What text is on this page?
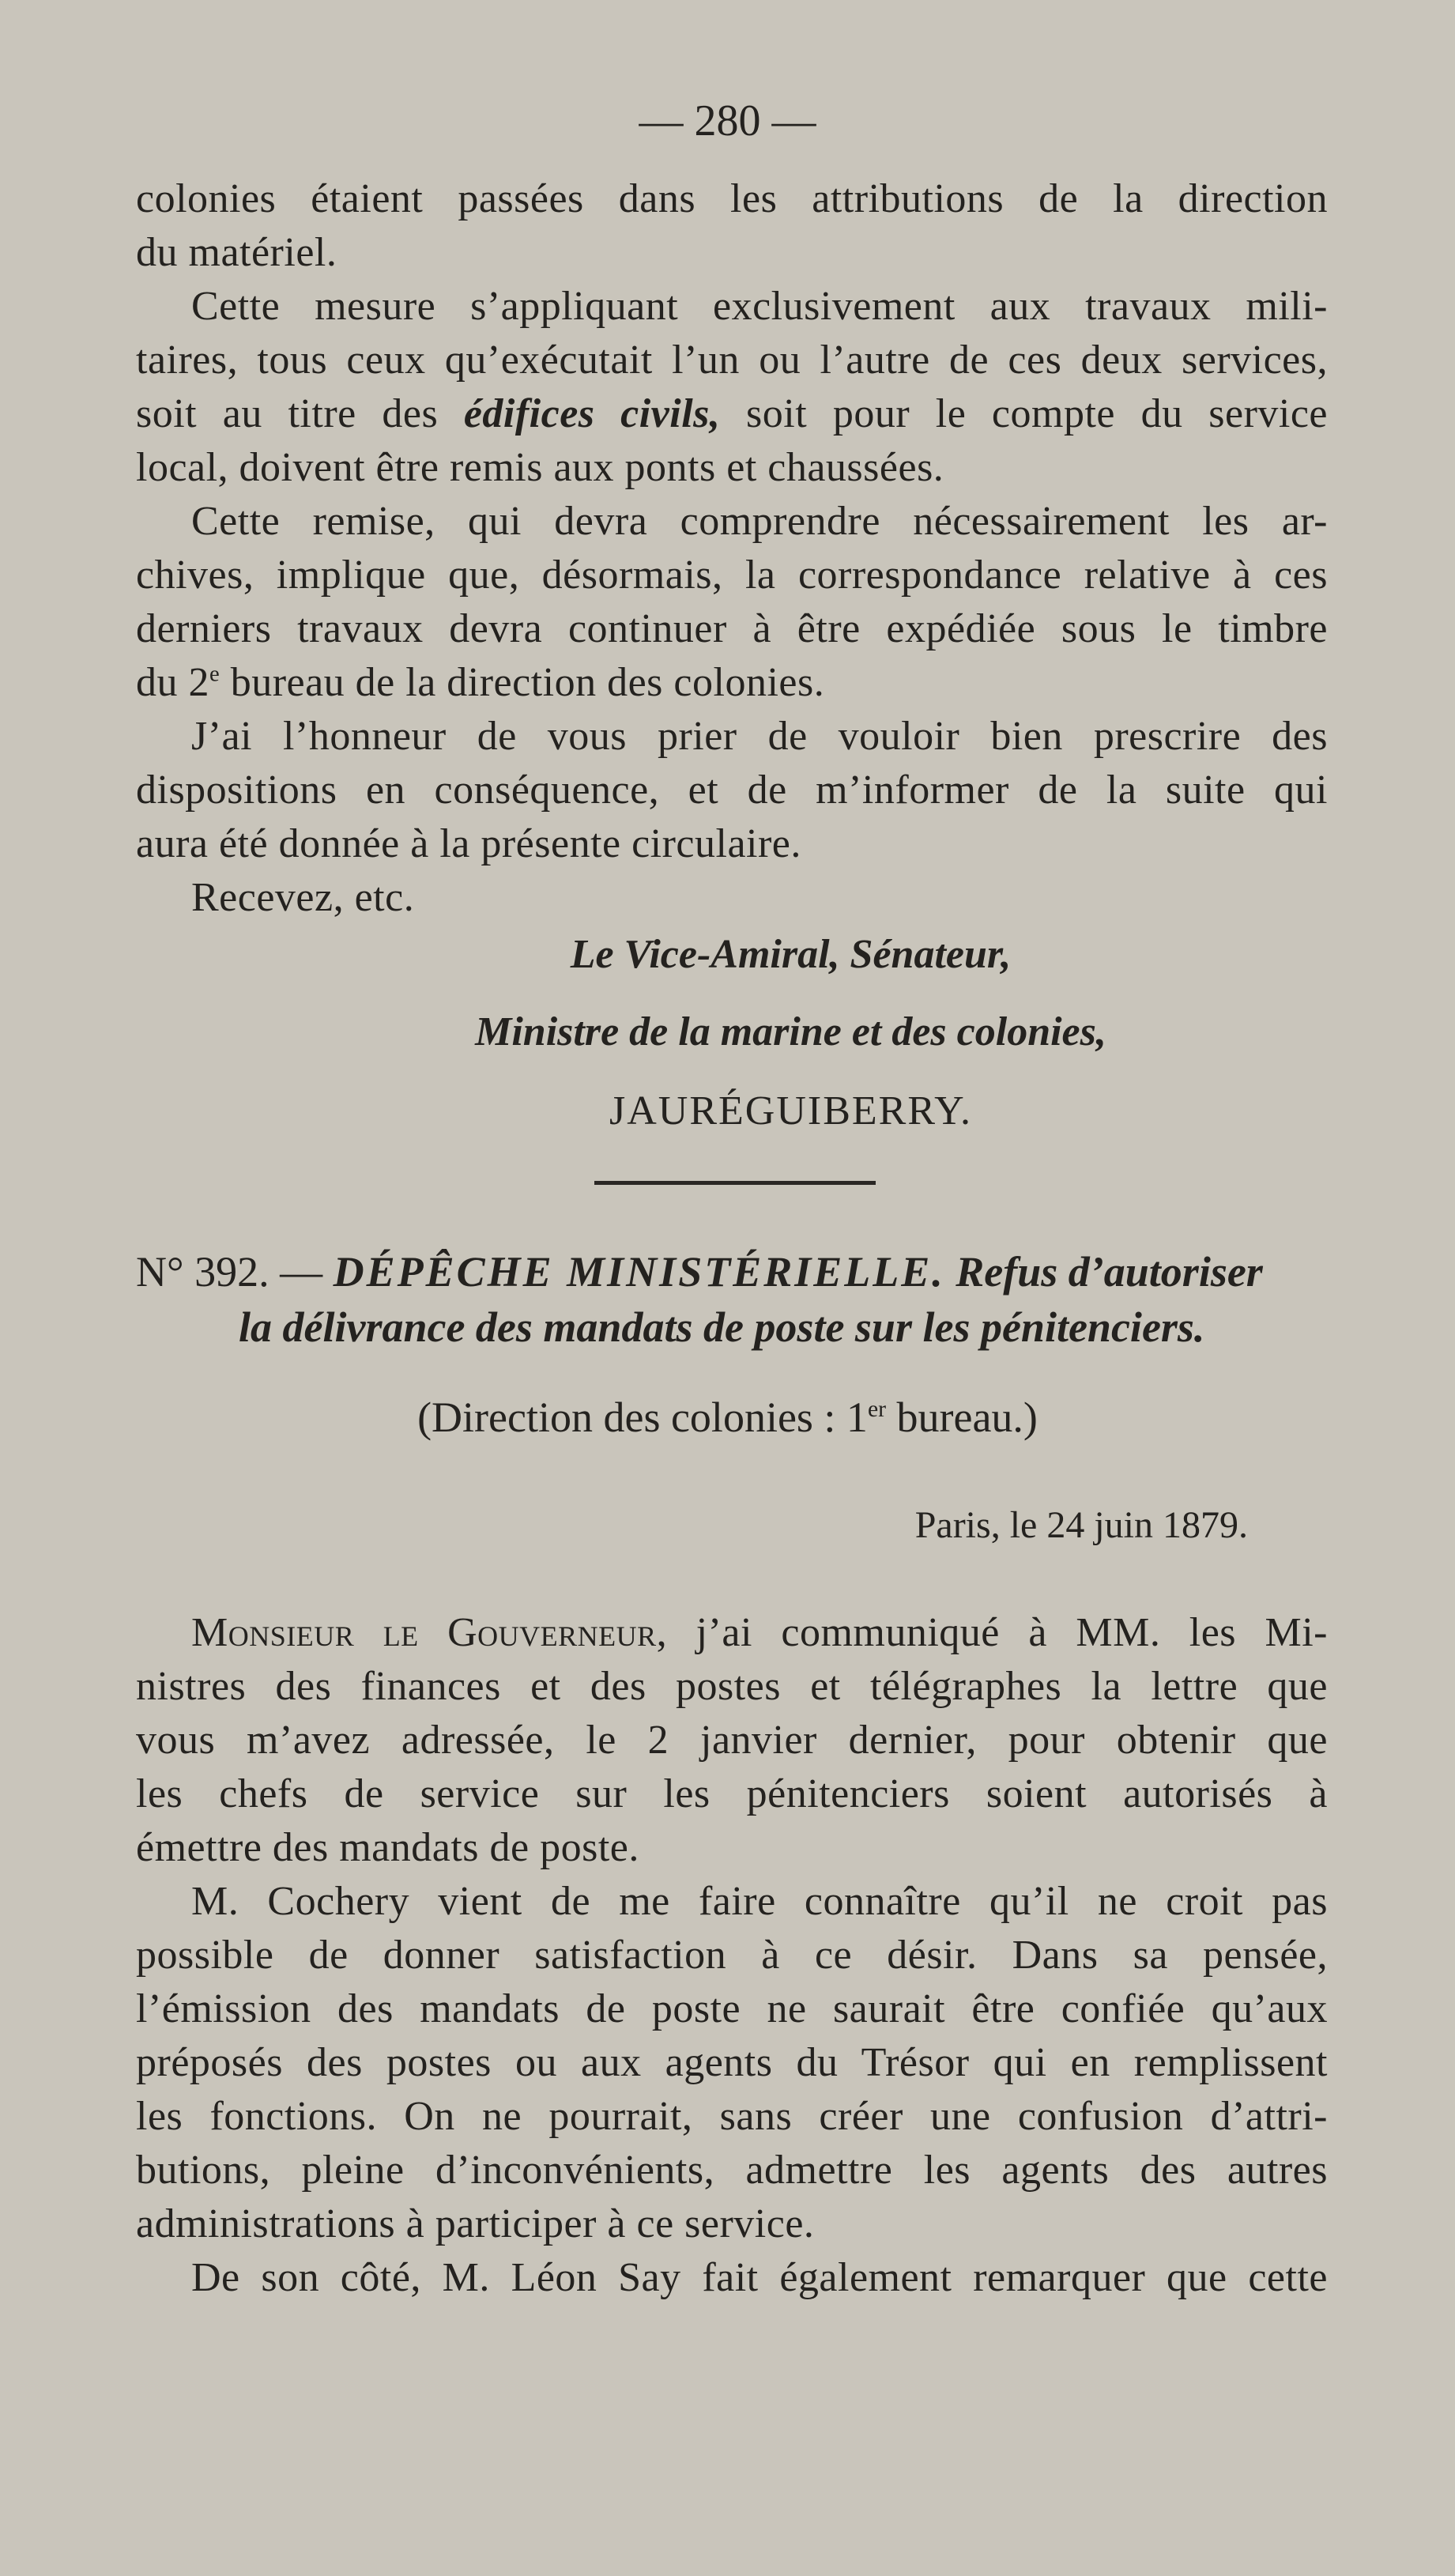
— 280 —
colonies étaient passées dans les attributions de la direction
du matériel.
Cette mesure s’appliquant exclusivement aux travaux mili-
taires, tous ceux qu’exécutait l’un ou l’autre de ces deux services,
soit au titre des édifices civils, soit pour le compte du service
local, doivent être remis aux ponts et chaussées.
Cette remise, qui devra comprendre nécessairement les ar-
chives, implique que, désormais, la correspondance relative à ces
derniers travaux devra continuer à être expédiée sous le timbre
du 2e bureau de la direction des colonies.
J’ai l’honneur de vous prier de vouloir bien prescrire des
dispositions en conséquence, et de m’informer de la suite qui
aura été donnée à la présente circulaire.
Recevez, etc.
Le Vice-Amiral, Sénateur,
Ministre de la marine et des colonies,
JAURÉGUIBERRY.
N° 392. — DÉPÊCHE MINISTÉRIELLE. Refus d’autoriser
la délivrance des mandats de poste sur les pénitenciers.
(Direction des colonies : 1er bureau.)
Paris, le 24 juin 1879.
Monsieur le Gouverneur, j’ai communiqué à MM. les Mi-
nistres des finances et des postes et télégraphes la lettre que
vous m’avez adressée, le 2 janvier dernier, pour obtenir que
les chefs de service sur les pénitenciers soient autorisés à
émettre des mandats de poste.
M. Cochery vient de me faire connaître qu’il ne croit pas
possible de donner satisfaction à ce désir. Dans sa pensée,
l’émission des mandats de poste ne saurait être confiée qu’aux
préposés des postes ou aux agents du Trésor qui en remplissent
les fonctions. On ne pourrait, sans créer une confusion d’attri-
butions, pleine d’inconvénients, admettre les agents des autres
administrations à participer à ce service.
De son côté, M. Léon Say fait également remarquer que cette
